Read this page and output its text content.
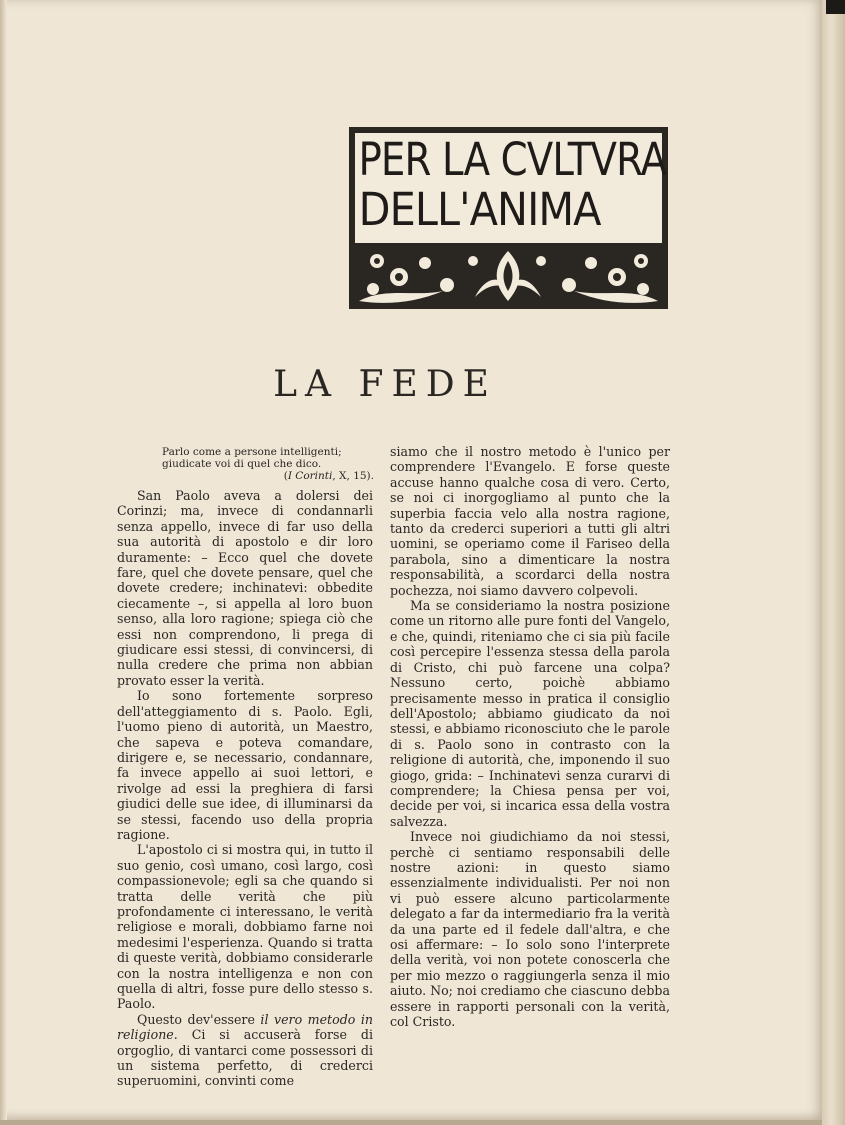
PER LA CVLTVRA
DELL'ANIMA
LA FEDE
Parlo come a persone intelligenti; giudicate voi di quel che dico.
(I Corinti, X, 15).

San Paolo aveva a dolersi dei Corinzi; ma, invece di condannarli senza appello, invece di far uso della sua autorità di apostolo e dir loro duramente: – Ecco quel che dovete fare, quel che dovete pensare, quel che dovete credere; inchinatevi: obbedite ciecamente –, si appella al loro buon senso, alla loro ragione; spiega ciò che essi non comprendono, li prega di giudicare essi stessi, di convincersi, di nulla credere che prima non abbian provato esser la verità.

Io sono fortemente sorpreso dell'atteggiamento di s. Paolo. Egli, l'uomo pieno di autorità, un Maestro, che sapeva e poteva comandare, dirigere e, se necessario, condannare, fa invece appello ai suoi lettori, e rivolge ad essi la preghiera di farsi giudici delle sue idee, di illuminarsi da se stessi, facendo uso della propria ragione.

L'apostolo ci si mostra qui, in tutto il suo genio, così umano, così largo, così compassionevole; egli sa che quando si tratta delle verità che più profondamente ci interessano, le verità religiose e morali, dobbiamo farne noi medesimi l'esperienza. Quando si tratta di queste verità, dobbiamo considerarle con la nostra intelligenza e non con quella di altri, fosse pure dello stesso s. Paolo.

Questo dev'essere il vero metodo in religione. Ci si accuserà forse di orgoglio, di vantarci come possessori di un sistema perfetto, di crederci superuomini, convinti come

siamo che il nostro metodo è l'unico per comprendere l'Evangelo. E forse queste accuse hanno qualche cosa di vero. Certo, se noi ci inorgogliamo al punto che la superbia faccia velo alla nostra ragione, tanto da crederci superiori a tutti gli altri uomini, se operiamo come il Fariseo della parabola, sino a dimenticare la nostra responsabilità, a scordarci della nostra pochezza, noi siamo davvero colpevoli.

Ma se consideriamo la nostra posizione come un ritorno alle pure fonti del Vangelo, e che, quindi, riteniamo che ci sia più facile così percepire l'essenza stessa della parola di Cristo, chi può farcene una colpa? Nessuno certo, poichè abbiamo precisamente messo in pratica il consiglio dell'Apostolo; abbiamo giudicato da noi stessi, e abbiamo riconosciuto che le parole di s. Paolo sono in contrasto con la religione di autorità, che, imponendo il suo giogo, grida: – Inchinatevi senza curarvi di comprendere; la Chiesa pensa per voi, decide per voi, si incarica essa della vostra salvezza.

Invece noi giudichiamo da noi stessi, perchè ci sentiamo responsabili delle nostre azioni: in questo siamo essenzialmente individualisti. Per noi non vi può essere alcuno particolarmente delegato a far da intermediario fra la verità da una parte ed il fedele dall'altra, e che osi affermare: – Io solo sono l'interprete della verità, voi non potete conoscerla che per mio mezzo o raggiungerla senza il mio aiuto. No; noi crediamo che ciascuno debba essere in rapporti personali con la verità, col Cristo.
